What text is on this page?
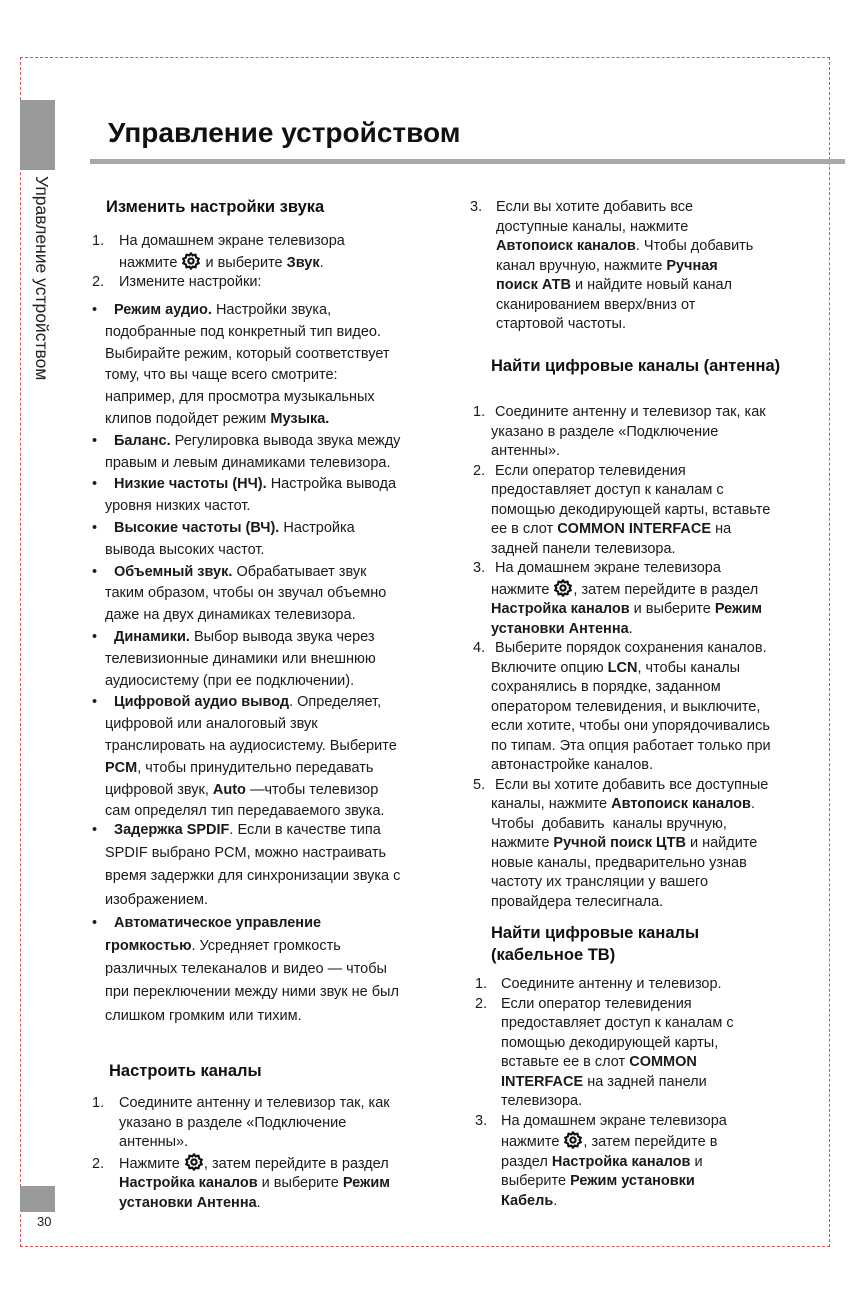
Управление устройством
30
Управление устройством
Изменить настройки звука

1. На домашнем экране телевизора

нажмите и выберите Звук.

2. Измените настройки:

• Режим аудио. Настройки звука,

подобранные под конкретный тип видео.

Выбирайте режим, который соответствует

тому, что вы чаще всего смотрите:

например, для просмотра музыкальных

клипов подойдет режим Музыка.

• Баланс. Регулировка вывода звука между

правым и левым динамиками телевизора.

• Низкие частоты (НЧ). Настройка вывода

уровня низких частот.

• Высокие частоты (ВЧ). Настройка

вывода высоких частот.

• Объемный звук. Обрабатывает звук

таким образом, чтобы он звучал объемно

даже на двух динамиках телевизора.

• Динамики. Выбор вывода звука через

телевизионные динамики или внешнюю

аудиосистему (при ее подключении).

• Цифровой аудио вывод. Определяет,

цифровой или аналоговый звук

транслировать на аудиосистему. Выберите

PCM, чтобы принудительно передавать

цифровой звук, Auto —чтобы телевизор

сам определял тип передаваемого звука.

• Задержка SPDIF. Если в качестве типа

SPDIF выбрано PCM, можно настраивать

время задержки для синхронизации звука с

изображением.

• Автоматическое управление

громкостью. Усредняет громкость

различных телеканалов и видео — чтобы

при переключении между ними звук не был

слишком громким или тихим.

Настроить каналы

1. Соедините антенну и телевизор так, как

указано в разделе «Подключение

антенны».

2. Нажмите , затем перейдите в раздел

Настройка каналов и выберите Режим

установки Антенна.

3. Если вы хотите добавить все

доступные каналы, нажмите

Автопоиск каналов. Чтобы добавить

канал вручную, нажмите Ручная

поиск АТВ и найдите новый канал

сканированием вверх/вниз от

стартовой частоты.

Найти цифровые каналы (антенна)

1. Соедините антенну и телевизор так, как

указано в разделе «Подключение

антенны».

2. Если оператор телевидения

предоставляет доступ к каналам с

помощью декодирующей карты, вставьте

ее в слот COMMON INTERFACE на

задней панели телевизора.

3. На домашнем экране телевизора

нажмите , затем перейдите в раздел

Настройка каналов и выберите Режим

установки Антенна.

4. Выберите порядок сохранения каналов.

Включите опцию LCN, чтобы каналы

сохранялись в порядке, заданном

оператором телевидения, и выключите,

если хотите, чтобы они упорядочивались

по типам. Эта опция работает только при

автонастройке каналов.

5. Если вы хотите добавить все доступные

каналы, нажмите Автопоиск каналов.

Чтобы  добавить  каналы вручную,

нажмите Ручной поиск ЦТВ и найдите

новые каналы, предварительно узнав

частоту их трансляции у вашего

провайдера телесигнала.

Найти цифровые каналы

(кабельное ТВ)

1. Соедините антенну и телевизор.

2. Если оператор телевидения

предоставляет доступ к каналам с

помощью декодирующей карты,

вставьте ее в слот COMMON

INTERFACE на задней панели

телевизора.

3. На домашнем экране телевизора

нажмите , затем перейдите в

раздел Настройка каналов и

выберите Режим установки

Кабель.
